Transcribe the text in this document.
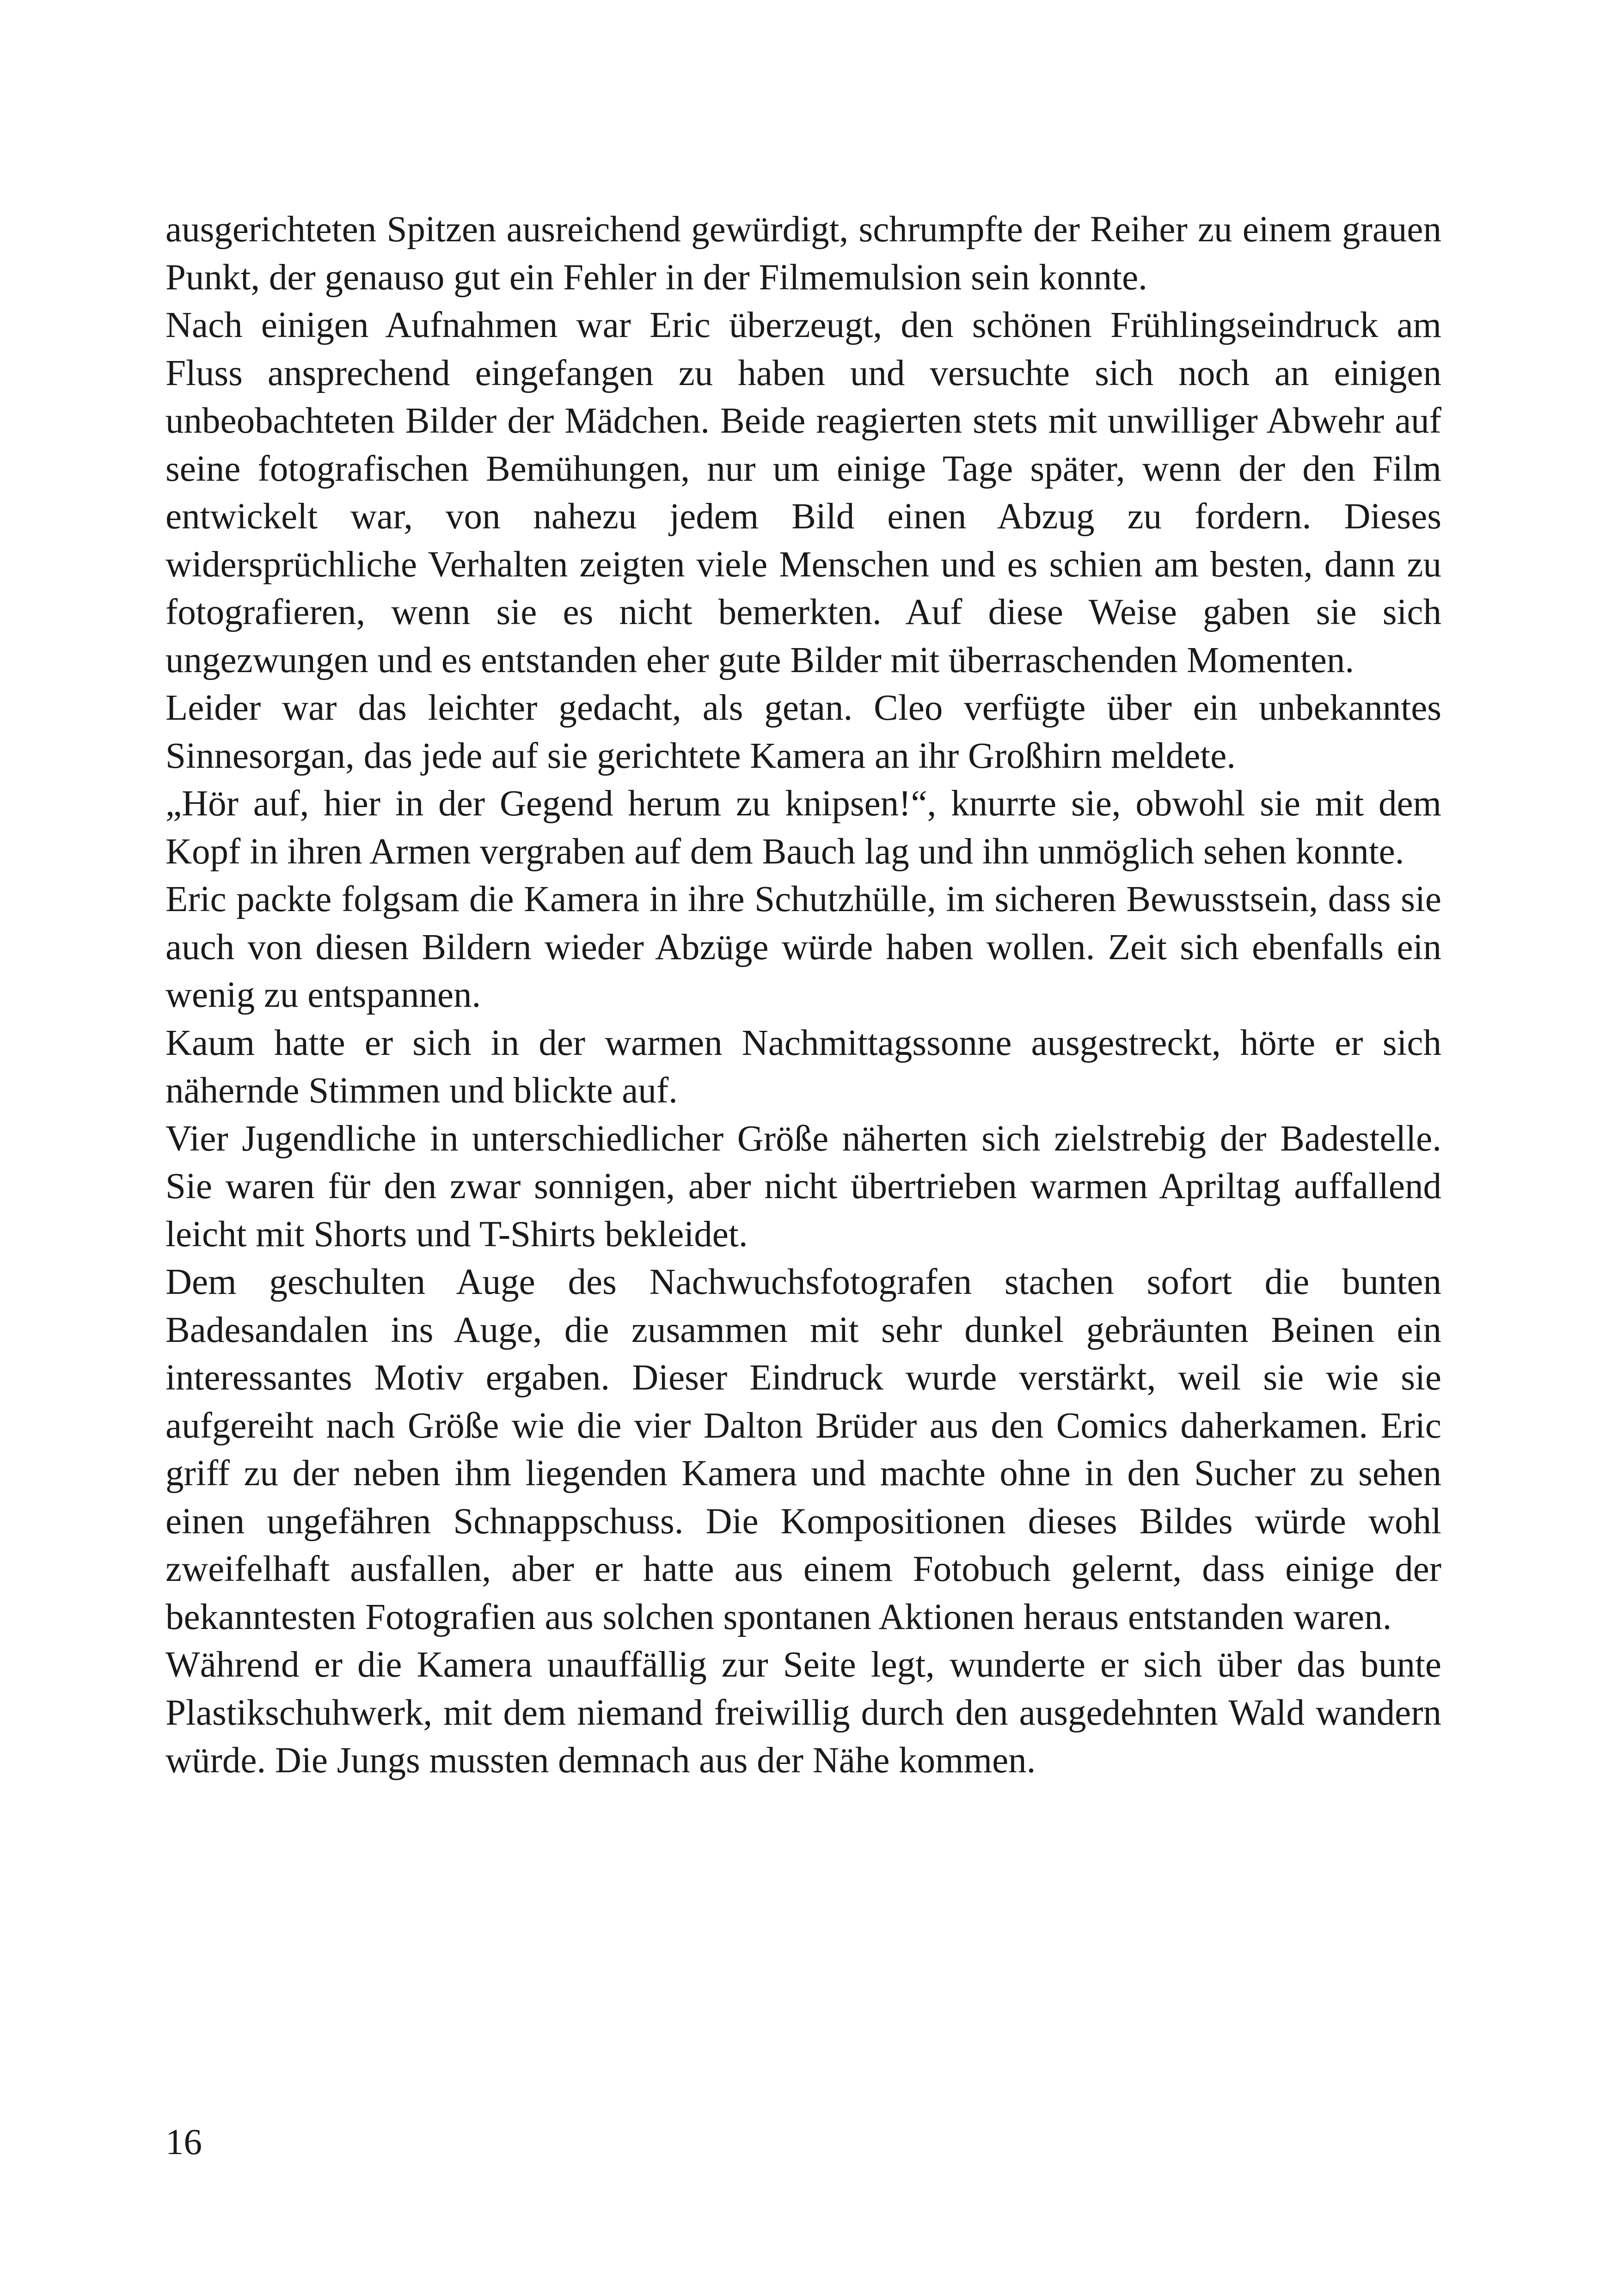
ausgerichteten Spitzen ausreichend gewürdigt, schrumpfte der Reiher zu einem grauen Punkt, der genauso gut ein Fehler in der Filmemulsion sein konnte.

Nach einigen Aufnahmen war Eric überzeugt, den schönen Frühlingseindruck am Fluss ansprechend eingefangen zu haben und versuchte sich noch an einigen unbeobachteten Bilder der Mädchen. Beide reagierten stets mit unwilliger Abwehr auf seine fotografischen Bemühungen, nur um einige Tage später, wenn der den Film entwickelt war, von nahezu jedem Bild einen Abzug zu fordern. Dieses widersprüchliche Verhalten zeigten viele Menschen und es schien am besten, dann zu fotografieren, wenn sie es nicht bemerkten. Auf diese Weise gaben sie sich ungezwungen und es entstanden eher gute Bilder mit überraschenden Momenten.

Leider war das leichter gedacht, als getan. Cleo verfügte über ein unbekanntes Sinnesorgan, das jede auf sie gerichtete Kamera an ihr Großhirn meldete.

„Hör auf, hier in der Gegend herum zu knipsen!“, knurrte sie, obwohl sie mit dem Kopf in ihren Armen vergraben auf dem Bauch lag und ihn unmöglich sehen konnte.

Eric packte folgsam die Kamera in ihre Schutzhülle, im sicheren Bewusstsein, dass sie auch von diesen Bildern wieder Abzüge würde haben wollen. Zeit sich ebenfalls ein wenig zu entspannen.

Kaum hatte er sich in der warmen Nachmittagssonne ausgestreckt, hörte er sich nähernde Stimmen und blickte auf.

Vier Jugendliche in unterschiedlicher Größe näherten sich zielstrebig der Badestelle. Sie waren für den zwar sonnigen, aber nicht übertrieben warmen Apriltag auffallend leicht mit Shorts und T-Shirts bekleidet.

Dem geschulten Auge des Nachwuchsfotografen stachen sofort die bunten Badesandalen ins Auge, die zusammen mit sehr dunkel gebräunten Beinen ein interessantes Motiv ergaben. Dieser Eindruck wurde verstärkt, weil sie wie sie aufgereiht nach Größe wie die vier Dalton Brüder aus den Comics daherkamen. Eric griff zu der neben ihm liegenden Kamera und machte ohne in den Sucher zu sehen einen ungefähren Schnappschuss. Die Kompositionen dieses Bildes würde wohl zweifelhaft ausfallen, aber er hatte aus einem Fotobuch gelernt, dass einige der bekanntesten Fotografien aus solchen spontanen Aktionen heraus entstanden waren.

Während er die Kamera unauffällig zur Seite legt, wunderte er sich über das bunte Plastikschuhwerk, mit dem niemand freiwillig durch den ausgedehnten Wald wandern würde. Die Jungs mussten demnach aus der Nähe kommen.

16
